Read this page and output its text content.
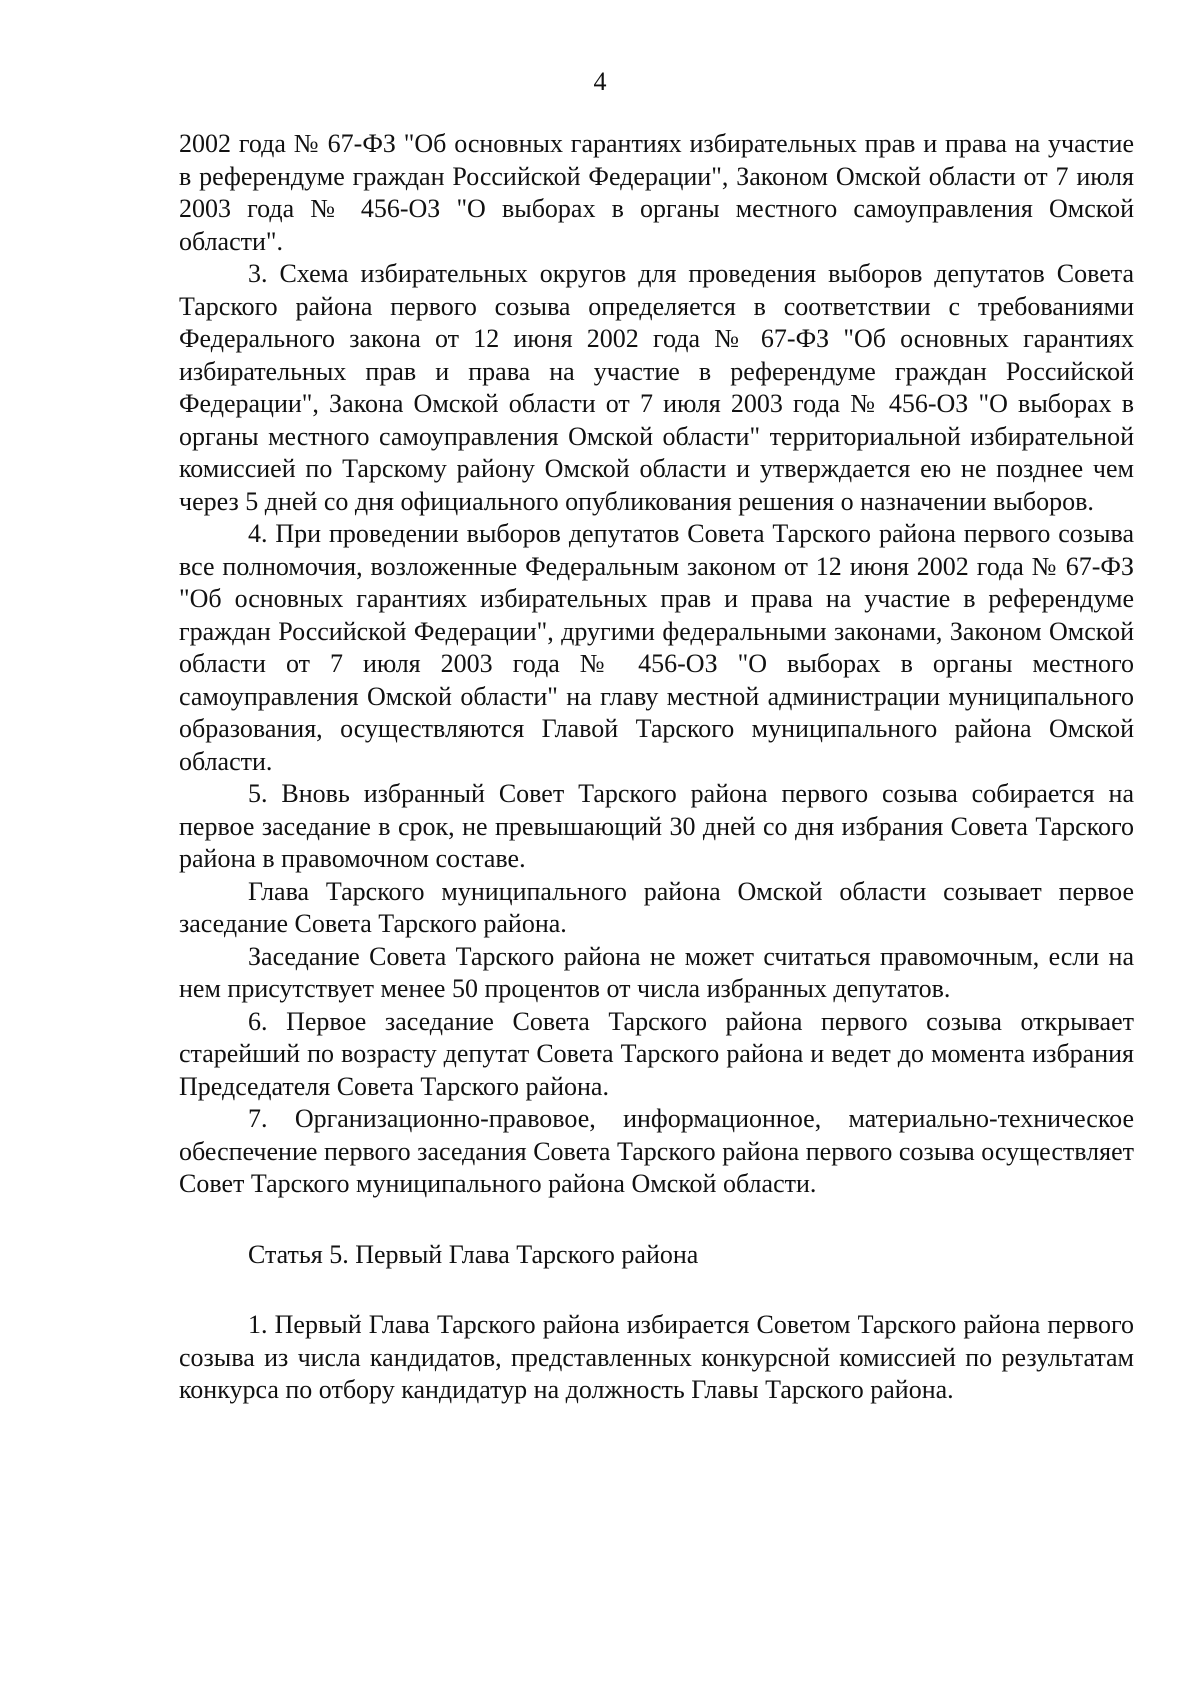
4

2002 года № 67-ФЗ "Об основных гарантиях избирательных прав и права на участие в референдуме граждан Российской Федерации", Законом Омской области от 7 июля 2003 года № 456-ОЗ "О выборах в органы местного самоуправления Омской области".

3. Схема избирательных округов для проведения выборов депутатов Совета Тарского района первого созыва определяется в соответствии с требованиями Федерального закона от 12 июня 2002 года № 67-ФЗ "Об основных гарантиях избирательных прав и права на участие в референдуме граждан Российской Федерации", Закона Омской области от 7 июля 2003 года № 456-ОЗ "О выборах в органы местного самоуправления Омской области" территориальной избирательной комиссией по Тарскому району Омской области и утверждается ею не позднее чем через 5 дней со дня официального опубликования решения о назначении выборов.

4. При проведении выборов депутатов Совета Тарского района первого созыва все полномочия, возложенные Федеральным законом от 12 июня 2002 года № 67-ФЗ "Об основных гарантиях избирательных прав и права на участие в референдуме граждан Российской Федерации", другими федеральными законами, Законом Омской области от 7 июля 2003 года № 456-ОЗ "О выборах в органы местного самоуправления Омской области" на главу местной администрации муниципального образования, осуществляются Главой Тарского муниципального района Омской области.

5. Вновь избранный Совет Тарского района первого созыва собирается на первое заседание в срок, не превышающий 30 дней со дня избрания Совета Тарского района в правомочном составе.

Глава Тарского муниципального района Омской области созывает первое заседание Совета Тарского района.

Заседание Совета Тарского района не может считаться правомочным, если на нем присутствует менее 50 процентов от числа избранных депутатов.

6. Первое заседание Совета Тарского района первого созыва открывает старейший по возрасту депутат Совета Тарского района и ведет до момента избрания Председателя Совета Тарского района.

7. Организационно-правовое, информационное, материально-техническое обеспечение первого заседания Совета Тарского района первого созыва осуществляет Совет Тарского муниципального района Омской области.

Статья 5. Первый Глава Тарского района

1. Первый Глава Тарского района избирается Советом Тарского района первого созыва из числа кандидатов, представленных конкурсной комиссией по результатам конкурса по отбору кандидатур на должность Главы Тарского района.
